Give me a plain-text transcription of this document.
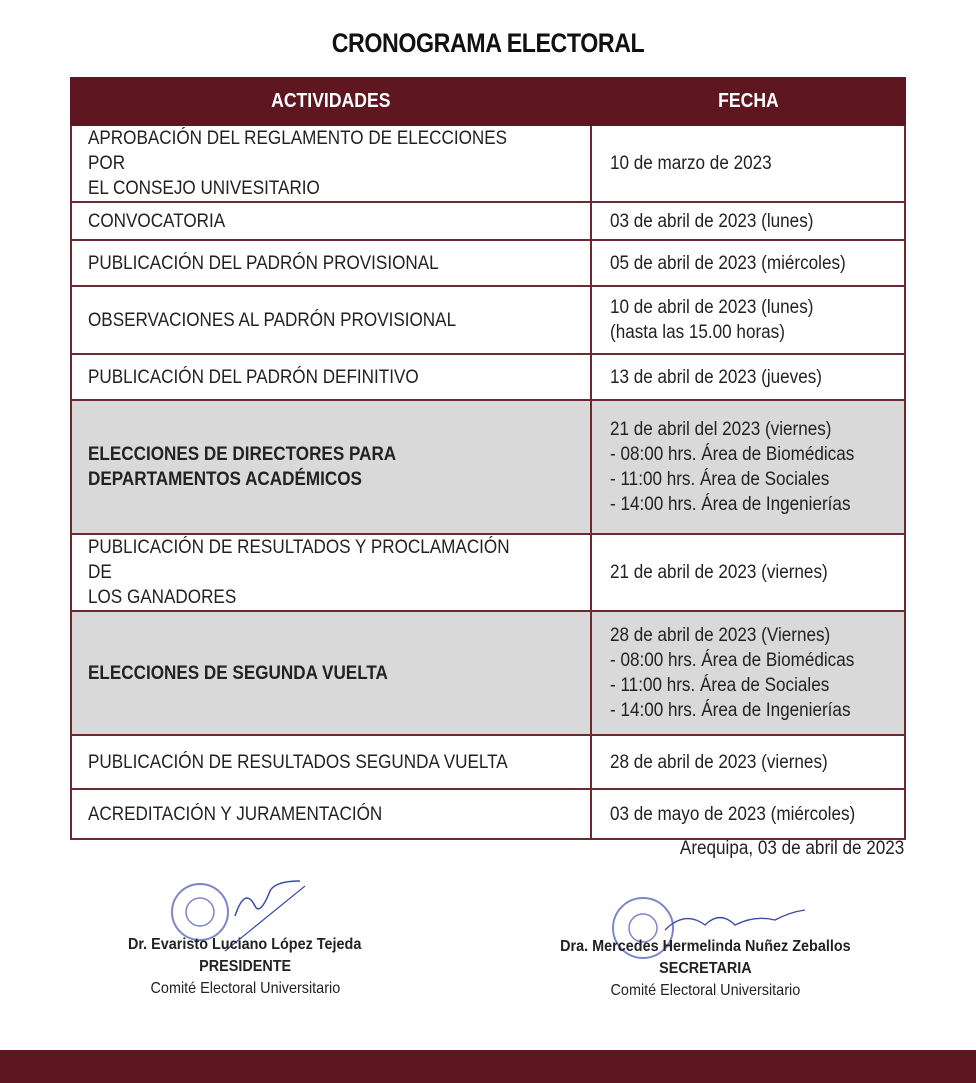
CRONOGRAMA ELECTORAL
ACTIVIDADES	FECHA
APROBACIÓN DEL REGLAMENTO DE ELECCIONES POR
EL CONSEJO UNIVESITARIO	10 de marzo de 2023
CONVOCATORIA	03 de abril de 2023 (lunes)
PUBLICACIÓN DEL PADRÓN PROVISIONAL	05 de abril de 2023 (miércoles)
OBSERVACIONES AL PADRÓN PROVISIONAL	10 de abril de 2023 (lunes)
(hasta las 15.00 horas)
PUBLICACIÓN DEL PADRÓN DEFINITIVO	13 de abril de 2023 (jueves)
ELECCIONES DE DIRECTORES PARA
DEPARTAMENTOS ACADÉMICOS	21 de abril del 2023 (viernes)
- 08:00 hrs. Área de Biomédicas
- 11:00 hrs. Área de Sociales
- 14:00 hrs. Área de Ingenierías
PUBLICACIÓN DE RESULTADOS Y PROCLAMACIÓN DE
LOS GANADORES	21 de abril de 2023 (viernes)
ELECCIONES DE SEGUNDA VUELTA	28 de abril de 2023 (Viernes)
- 08:00 hrs. Área de Biomédicas
- 11:00 hrs. Área de Sociales
- 14:00 hrs. Área de Ingenierías
PUBLICACIÓN DE RESULTADOS SEGUNDA VUELTA	28 de abril de 2023 (viernes)
ACREDITACIÓN Y JURAMENTACIÓN	03 de mayo de 2023 (miércoles)
Arequipa, 03 de abril de 2023
Dr. Evaristo Luciano López Tejeda
PRESIDENTE
Comité Electoral Universitario
Dra. Mercedes Hermelinda Nuñez Zeballos
SECRETARIA
Comité Electoral Universitario
